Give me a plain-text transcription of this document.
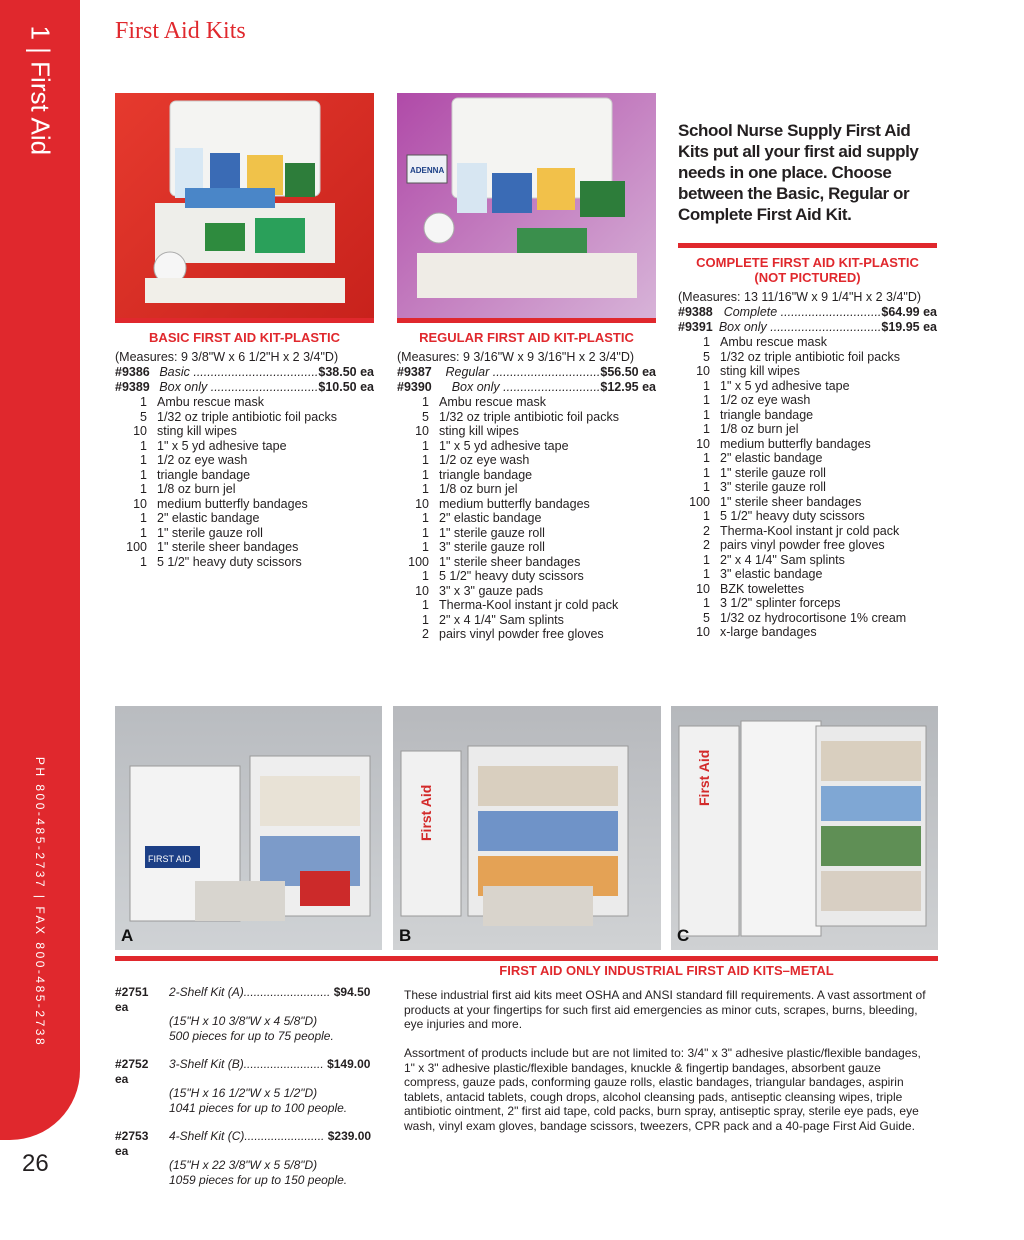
1 | First Aid
PH 800-485-2737 | FAX 800-485-2738
26
First Aid Kits
ADENNA
School Nurse Supply First Aid Kits put all your first aid supply needs in one place. Choose between the Basic, Regular or Complete First Aid Kit.
BASIC FIRST AID KIT-PLASTIC
(Measures: 9 3/8"W x 6 1/2"H x 2 3/4"D)
#9386 Basic .................................... $38.50 ea
#9389 Box only ............................... $10.50 ea
1 Ambu rescue mask
5 1/32 oz triple antibiotic foil packs
10 sting kill wipes
1 1" x 5 yd adhesive tape
1 1/2 oz eye wash
1 triangle bandage
1 1/8 oz burn jel
10 medium butterfly bandages
1 2" elastic bandage
1 1" sterile gauze roll
100 1" sterile sheer bandages
1 5 1/2" heavy duty scissors
REGULAR FIRST AID KIT-PLASTIC
(Measures: 9 3/16"W x 9 3/16"H x 2 3/4"D)
#9387	Regular ............................... $56.50 ea
#9390	Box only ............................ $12.95 ea
1 Ambu rescue mask
5 1/32 oz triple antibiotic foil packs
10 sting kill wipes
1 1" x 5 yd adhesive tape
1 1/2 oz eye wash
1 triangle bandage
1 1/8 oz burn jel
10 medium butterfly bandages
1 2" elastic bandage
1 1" sterile gauze roll
1 3" sterile gauze roll
100 1" sterile sheer bandages
1 5 1/2" heavy duty scissors
10 3" x 3" gauze pads
1 Therma-Kool instant jr cold pack
1 2" x 4 1/4" Sam splints
2 pairs vinyl powder free gloves
COMPLETE FIRST AID KIT-PLASTIC (NOT PICTURED)
(Measures: 13 11/16"W x 9 1/4"H x 2 3/4"D)
#9388 Complete ............................. $64.99 ea
#9391 Box only ................................ $19.95 ea
1 Ambu rescue mask
5 1/32 oz triple antibiotic foil packs
10 sting kill wipes
1 1" x 5 yd adhesive tape
1 1/2 oz eye wash
1 triangle bandage
1 1/8 oz burn jel
10 medium butterfly bandages
1 2" elastic bandage
1 1" sterile gauze roll
1 3" sterile gauze roll
100 1" sterile sheer bandages
1 5 1/2" heavy duty scissors
2 Therma-Kool instant jr cold pack
2 pairs vinyl powder free gloves
1 2" x 4 1/4" Sam splints
1 3" elastic bandage
10 BZK towelettes
1 3 1/2" splinter forceps
5 1/32 oz hydrocortisone 1% cream
10 x-large bandages
FIRST AID
A
First Aid
B
First Aid
C
FIRST AID ONLY INDUSTRIAL FIRST AID KITS–METAL
#2751 2-Shelf Kit (A).......................... $94.50 ea
(15"H x 10 3/8"W x 4 5/8"D)
500 pieces for up to 75 people.
#2752 3-Shelf Kit (B)........................ $149.00 ea
(15"H x 16 1/2"W x 5 1/2"D)
1041 pieces for up to 100 people.
#2753 4-Shelf Kit (C)........................ $239.00 ea
(15"H x 22 3/8"W x 5 5/8"D)
1059 pieces for up to 150 people.
These industrial first aid kits meet OSHA and ANSI standard fill requirements. A vast assortment of products at your fingertips for such first aid emergencies as minor cuts, scrapes, burns, bleeding, eye injuries and more.
Assortment of products include but are not limited to: 3/4" x 3" adhesive plastic/flexible bandages, 1" x 3" adhesive plastic/flexible bandages, knuckle & fingertip bandages, absorbent gauze compress, gauze pads, conforming gauze rolls, elastic bandages, triangular bandages, aspirin tablets, antacid tablets, cough drops, alcohol cleansing pads, antiseptic cleansing wipes, triple antibiotic ointment, 2" first aid tape, cold packs, burn spray, antiseptic spray, sterile eye pads, eye wash, vinyl exam gloves, bandage scissors, tweezers, CPR pack and a 40-page First Aid Guide.
